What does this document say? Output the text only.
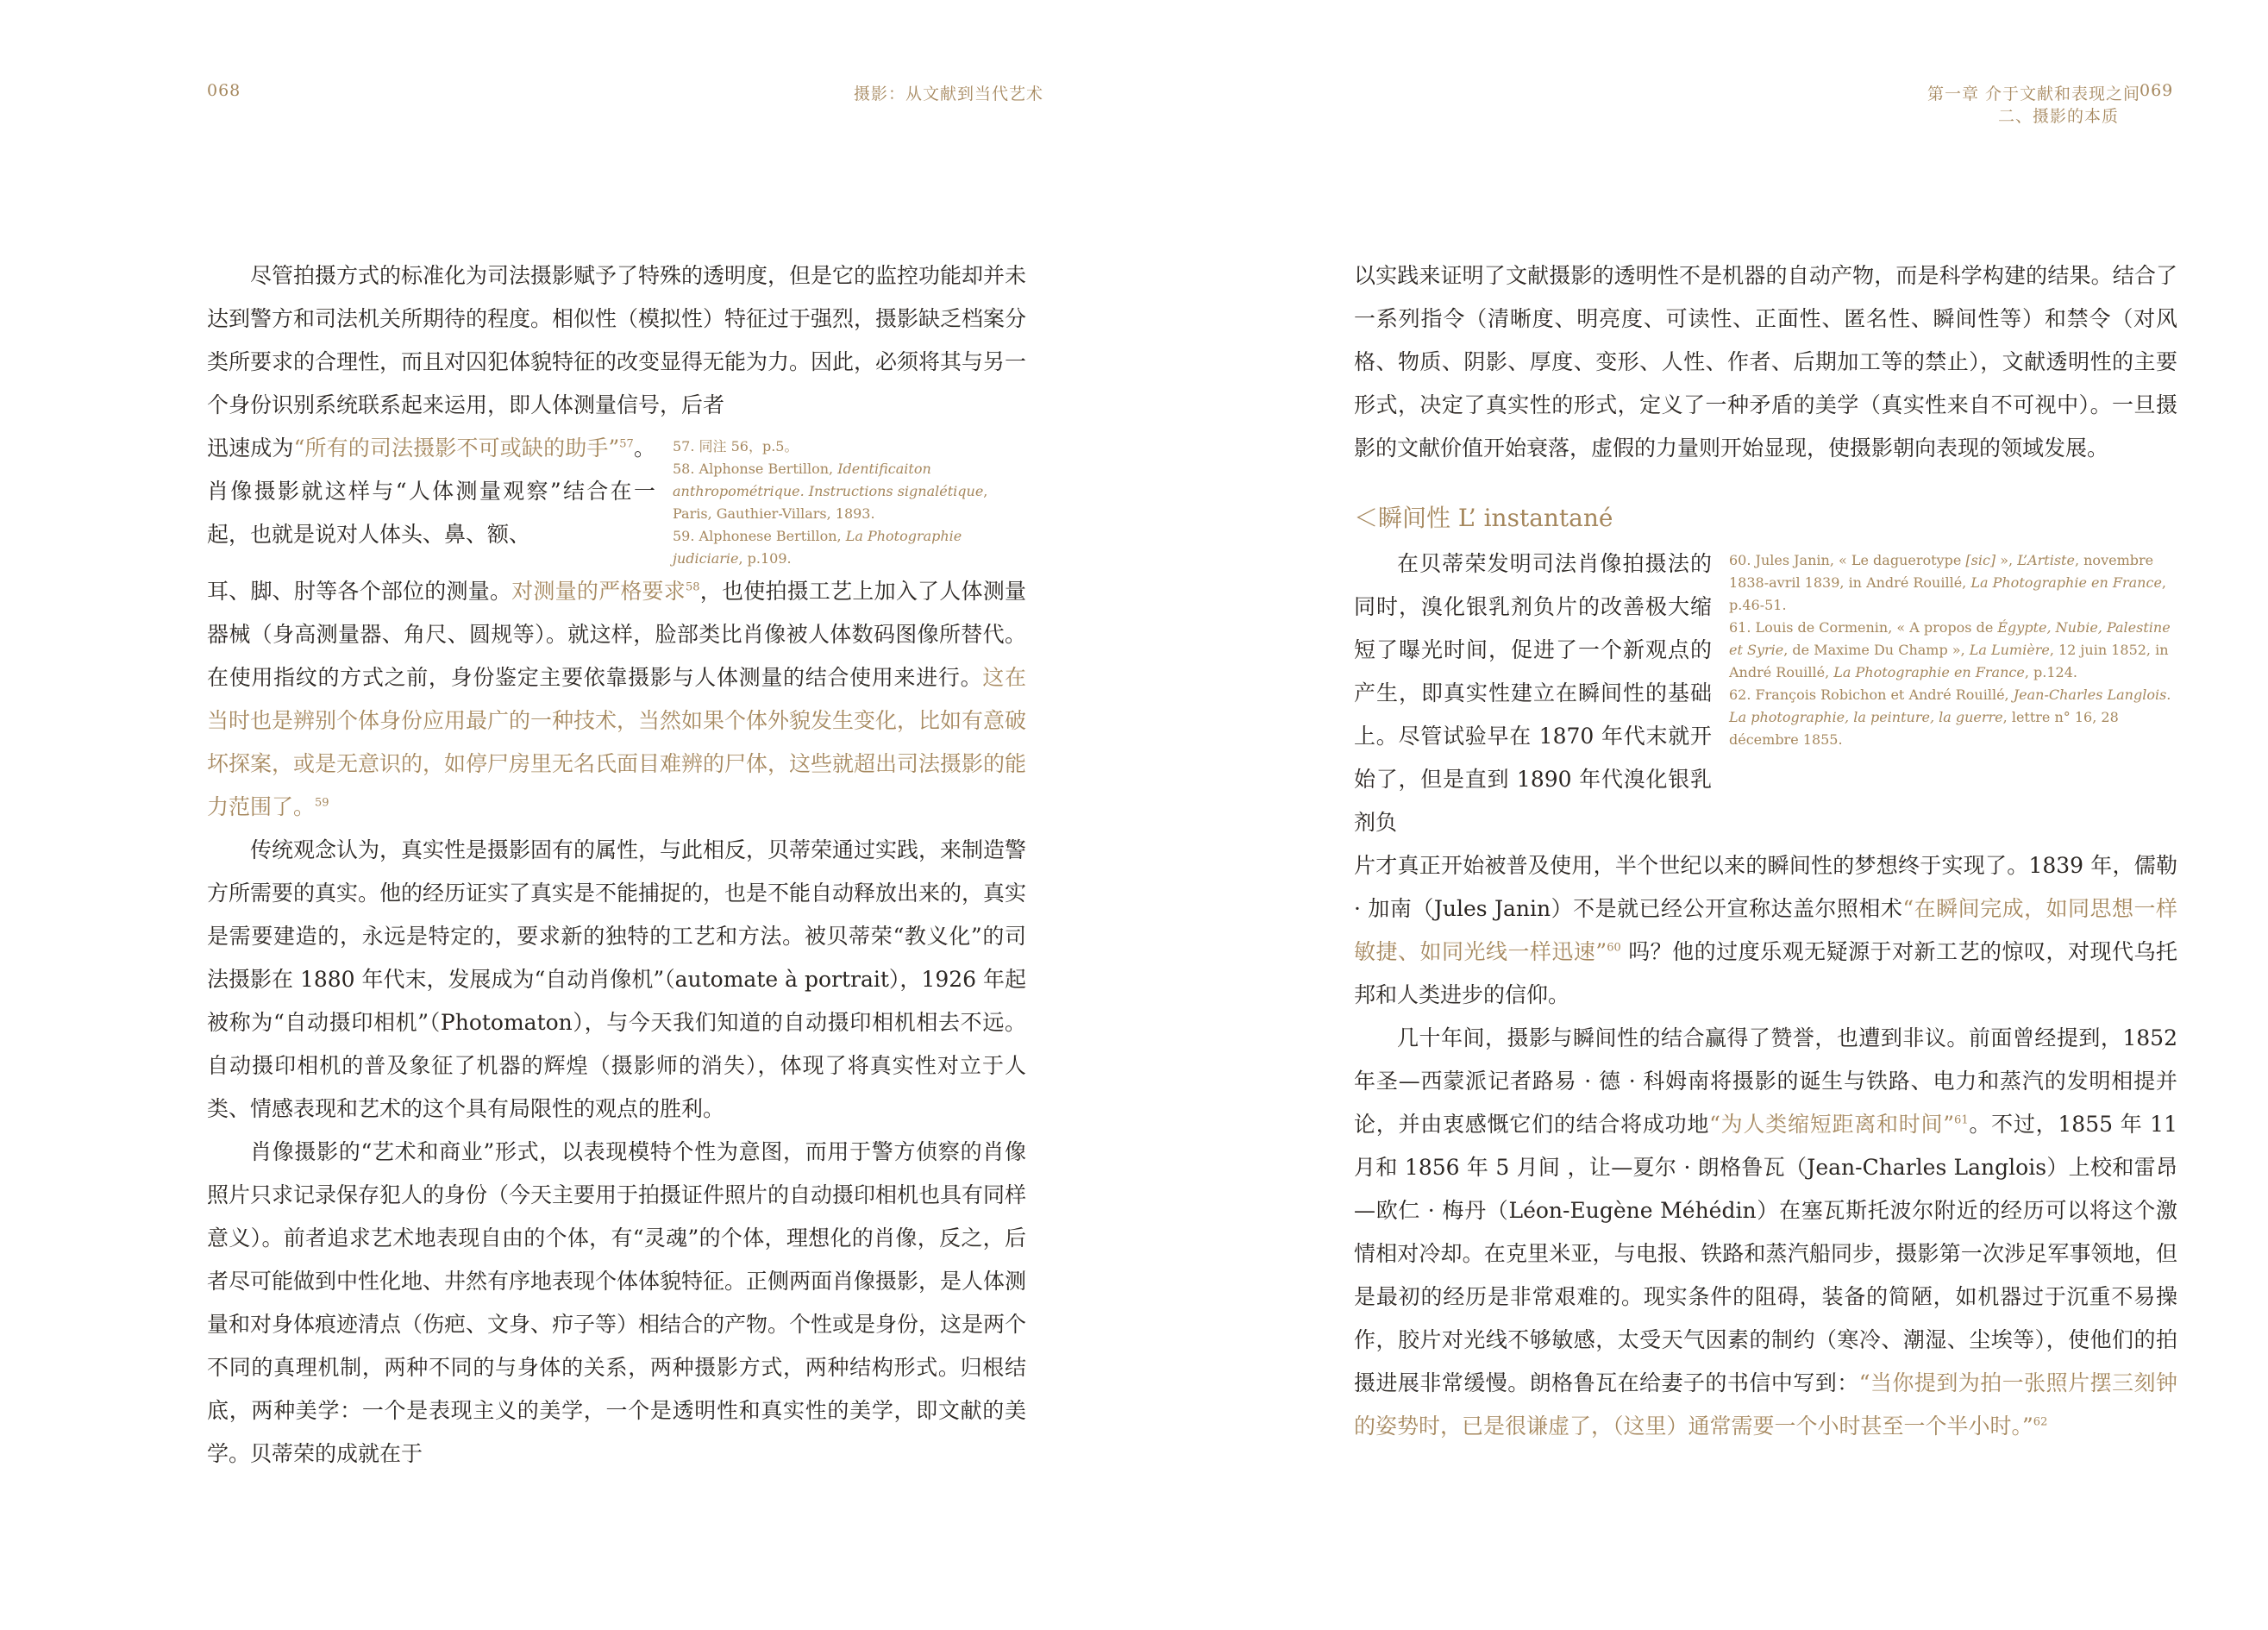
068	摄影：从文献到当代艺术

尽管拍摄方式的标准化为司法摄影赋予了特殊的透明度，但是它的监控功能却并未达到警方和司法机关所期待的程度。相似性（模拟性）特征过于强烈，摄影缺乏档案分类所要求的合理性，而且对囚犯体貌特征的改变显得无能为力。因此，必须将其与另一个身份识别系统联系起来运用，即人体测量信号，后者

57. 同注 56，p.5。
58. Alphonse Bertillon, Identificaiton anthropométrique. Instructions signalétique, Paris, Gauthier-Villars, 1893.
59. Alphonese Bertillon, La Photographie judiciarie, p.109.

迅速成为“所有的司法摄影不可或缺的助手”$^{57}$。肖像摄影就这样与“人体测量观察”结合在一起，也就是说对人体头、鼻、额、

耳、脚、肘等各个部位的测量。对测量的严格要求$^{58}$，也使拍摄工艺上加入了人体测量器械（身高测量器、角尺、圆规等）。就这样，脸部类比肖像被人体数码图像所替代。在使用指纹的方式之前，身份鉴定主要依靠摄影与人体测量的结合使用来进行。这在当时也是辨别个体身份应用最广的一种技术，当然如果个体外貌发生变化，比如有意破坏探案，或是无意识的，如停尸房里无名氏面目难辨的尸体，这些就超出司法摄影的能力范围了。$^{59}$

传统观念认为，真实性是摄影固有的属性，与此相反，贝蒂荣通过实践，来制造警方所需要的真实。他的经历证实了真实是不能捕捉的，也是不能自动释放出来的，真实是需要建造的，永远是特定的，要求新的独特的工艺和方法。被贝蒂荣“教义化”的司法摄影在 1880 年代末，发展成为“自动肖像机”（automate à portrait），1926 年起被称为“自动摄印相机”（Photomaton），与今天我们知道的自动摄印相机相去不远。自动摄印相机的普及象征了机器的辉煌（摄影师的消失），体现了将真实性对立于人类、情感表现和艺术的这个具有局限性的观点的胜利。

肖像摄影的“艺术和商业”形式，以表现模特个性为意图，而用于警方侦察的肖像照片只求记录保存犯人的身份（今天主要用于拍摄证件照片的自动摄印相机也具有同样意义）。前者追求艺术地表现自由的个体，有“灵魂”的个体，理想化的肖像，反之，后者尽可能做到中性化地、井然有序地表现个体体貌特征。正侧两面肖像摄影，是人体测量和对身体痕迹清点（伤疤、文身、疖子等）相结合的产物。个性或是身份，这是两个不同的真理机制，两种不同的与身体的关系，两种摄影方式，两种结构形式。归根结底，两种美学：一个是表现主义的美学，一个是透明性和真实性的美学，即文献的美学。贝蒂荣的成就在于

第一章 介于文献和表现之间
069
二、摄影的本质

以实践来证明了文献摄影的透明性不是机器的自动产物，而是科学构建的结果。结合了一系列指令（清晰度、明亮度、可读性、正面性、匿名性、瞬间性等）和禁令（对风格、物质、阴影、厚度、变形、人性、作者、后期加工等的禁止），文献透明性的主要形式，决定了真实性的形式，定义了一种矛盾的美学（真实性来自不可视中）。一旦摄影的文献价值开始衰落，虚假的力量则开始显现，使摄影朝向表现的领域发展。

＜瞬间性 L’ instantané
60. Jules Janin, « Le daguerotype [sic] », L’Artiste, novembre 1838-avril 1839, in André Rouillé, La Photographie en France, p.46-51.
61. Louis de Cormenin, « A propos de Égypte, Nubie, Palestine et Syrie, de Maxime Du Champ », La Lumière, 12 juin 1852, in André Rouillé, La Photographie en France, p.124.
62. François Robichon et André Rouillé, Jean-Charles Langlois. La photographie, la peinture, la guerre, lettre n° 16, 28 décembre 1855.

在贝蒂荣发明司法肖像拍摄法的同时，溴化银乳剂负片的改善极大缩短了曝光时间，促进了一个新观点的产生，即真实性建立在瞬间性的基础上。尽管试验早在 1870 年代末就开始了，但是直到 1890 年代溴化银乳剂负

片才真正开始被普及使用，半个世纪以来的瞬间性的梦想终于实现了。1839 年，儒勒 · 加南（Jules Janin）不是就已经公开宣称达盖尔照相术“在瞬间完成，如同思想一样敏捷、如同光线一样迅速”$^{60}$ 吗？他的过度乐观无疑源于对新工艺的惊叹，对现代乌托邦和人类进步的信仰。

几十年间，摄影与瞬间性的结合赢得了赞誉，也遭到非议。前面曾经提到，1852 年圣—西蒙派记者路易 · 德 · 科姆南将摄影的诞生与铁路、电力和蒸汽的发明相提并论，并由衷感慨它们的结合将成功地“为人类缩短距离和时间”$^{61}$。不过，1855 年 11 月和 1856 年 5 月间 ，让—夏尔 · 朗格鲁瓦（Jean-Charles Langlois）上校和雷昂—欧仁 · 梅丹（Léon-Eugène Méhédin）在塞瓦斯托波尔附近的经历可以将这个激情相对冷却。在克里米亚，与电报、铁路和蒸汽船同步，摄影第一次涉足军事领地，但是最初的经历是非常艰难的。现实条件的阻碍，装备的简陋，如机器过于沉重不易操作，胶片对光线不够敏感，太受天气因素的制约（寒冷、潮湿、尘埃等），使他们的拍摄进展非常缓慢。朗格鲁瓦在给妻子的书信中写到：“当你提到为拍一张照片摆三刻钟的姿势时，已是很谦虚了，（这里）通常需要一个小时甚至一个半小时。”$^{62}$
